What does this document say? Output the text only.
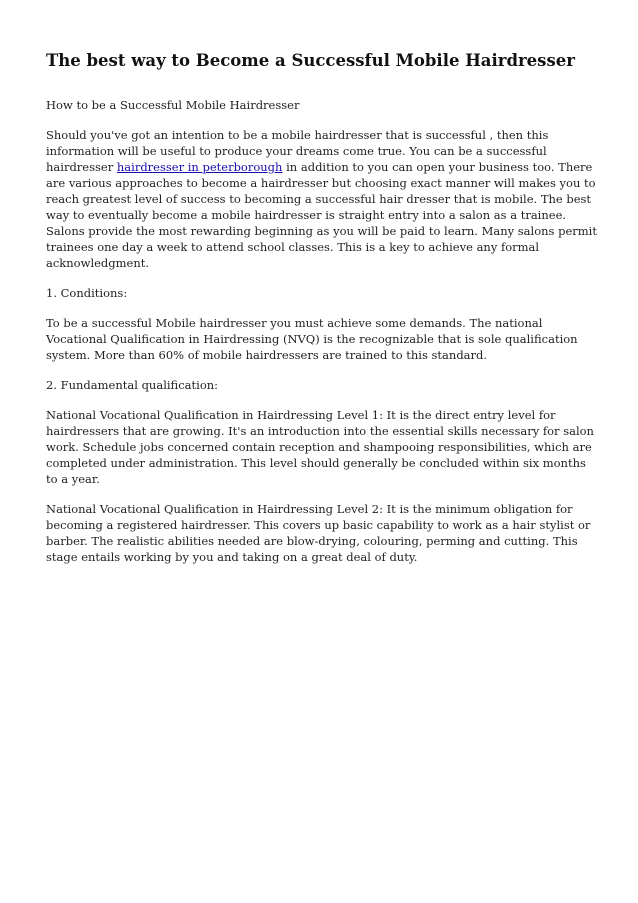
The best way to Become a Successful Mobile Hairdresser

How to be a Successful Mobile Hairdresser

Should you've got an intention to be a mobile hairdresser that is successful , then this information will be useful to produce your dreams come true. You can be a successful hairdresser hairdresser in peterborough in addition to you can open your business too. There are various approaches to become a hairdresser but choosing exact manner will makes you to reach greatest level of success to becoming a successful hair dresser that is mobile. The best way to eventually become a mobile hairdresser is straight entry into a salon as a trainee. Salons provide the most rewarding beginning as you will be paid to learn. Many salons permit trainees one day a week to attend school classes. This is a key to achieve any formal acknowledgment.

1. Conditions:

To be a successful Mobile hairdresser you must achieve some demands. The national Vocational Qualification in Hairdressing (NVQ) is the recognizable that is sole qualification system. More than 60% of mobile hairdressers are trained to this standard.

2. Fundamental qualification:

National Vocational Qualification in Hairdressing Level 1: It is the direct entry level for hairdressers that are growing. It's an introduction into the essential skills necessary for salon work. Schedule jobs concerned contain reception and shampooing responsibilities, which are completed under administration. This level should generally be concluded within six months to a year.

National Vocational Qualification in Hairdressing Level 2: It is the minimum obligation for becoming a registered hairdresser. This covers up basic capability to work as a hair stylist or barber. The realistic abilities needed are blow-drying, colouring, perming and cutting. This stage entails working by you and taking on a great deal of duty.
